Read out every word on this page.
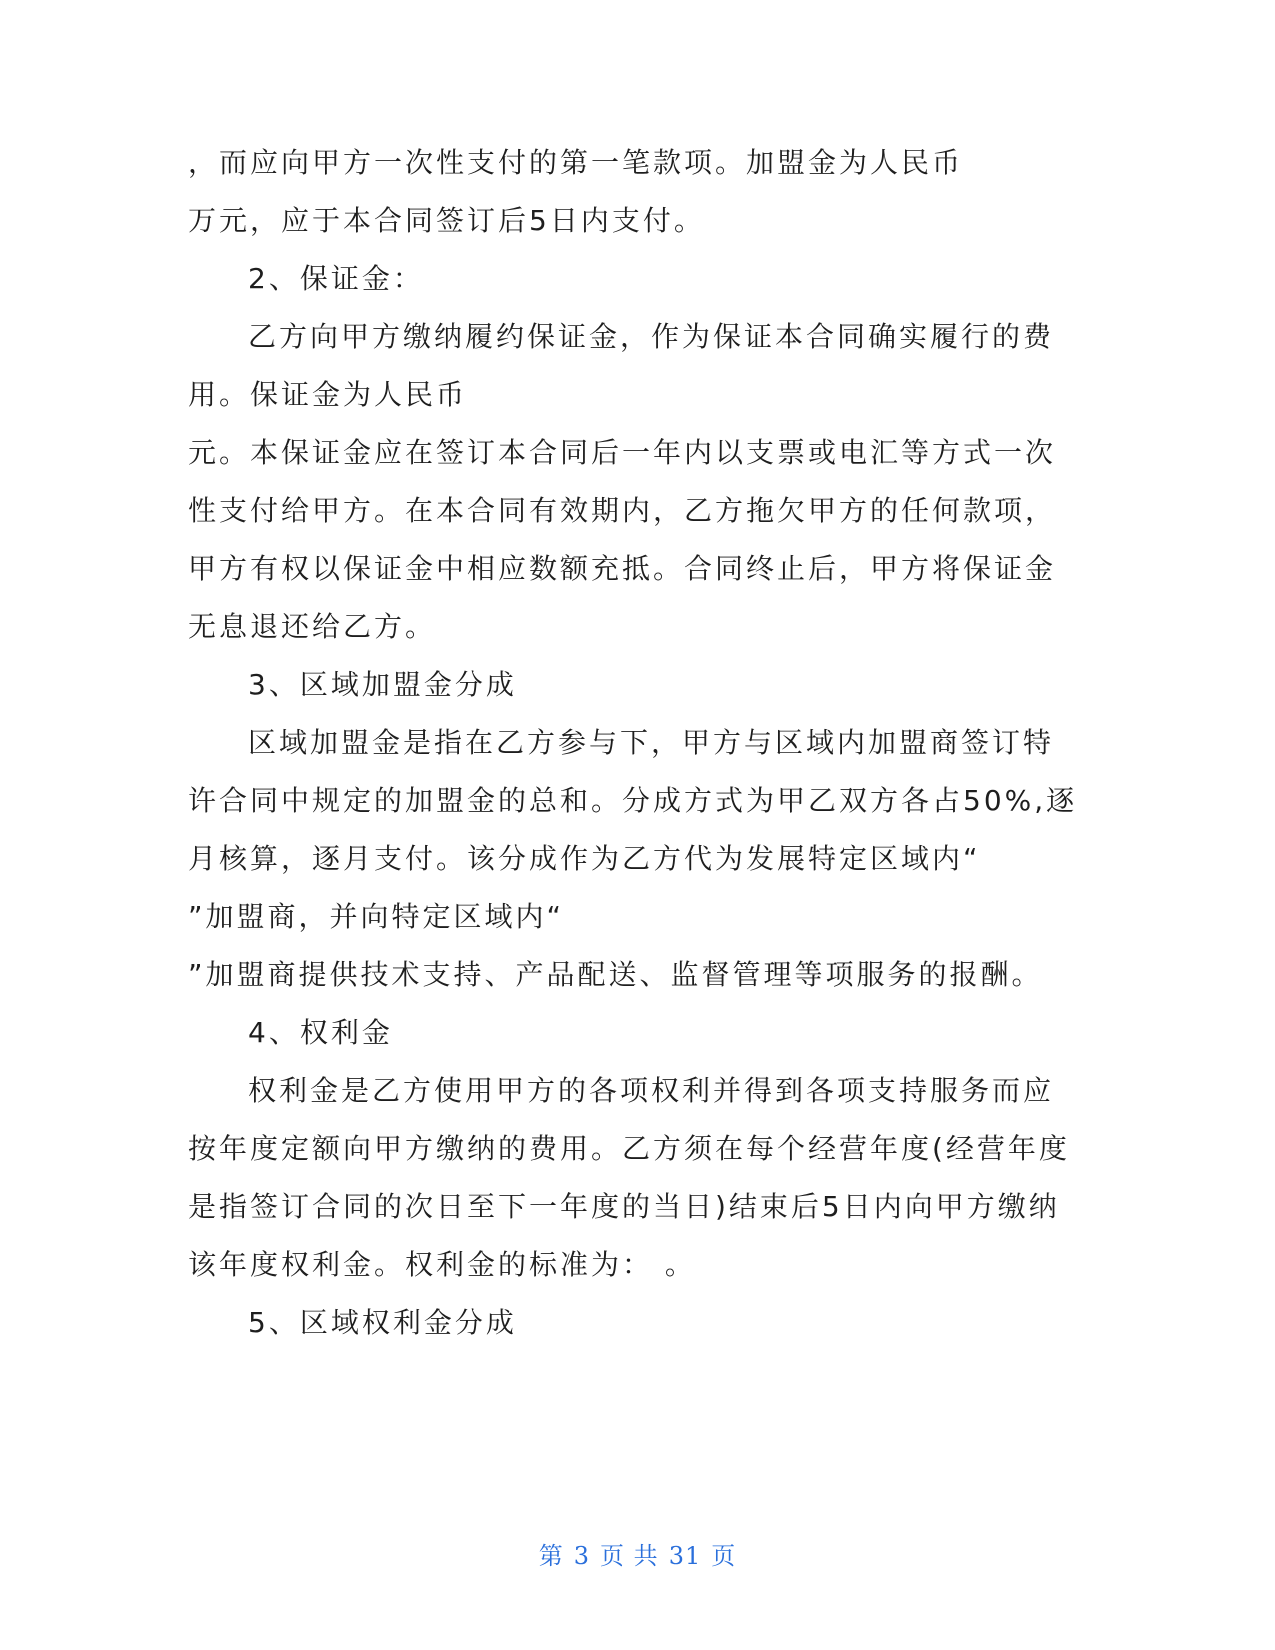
，而应向甲方一次性支付的第一笔款项。加盟金为人民币
万元，应于本合同签订后5日内支付。
2、保证金：
乙方向甲方缴纳履约保证金，作为保证本合同确实履行的费
用。保证金为人民币
元。本保证金应在签订本合同后一年内以支票或电汇等方式一次
性支付给甲方。在本合同有效期内，乙方拖欠甲方的任何款项，
甲方有权以保证金中相应数额充抵。合同终止后，甲方将保证金
无息退还给乙方。
3、区域加盟金分成
区域加盟金是指在乙方参与下，甲方与区域内加盟商签订特
许合同中规定的加盟金的总和。分成方式为甲乙双方各占50%,逐
月核算，逐月支付。该分成作为乙方代为发展特定区域内“
”加盟商，并向特定区域内“
”加盟商提供技术支持、产品配送、监督管理等项服务的报酬。
4、权利金
权利金是乙方使用甲方的各项权利并得到各项支持服务而应
按年度定额向甲方缴纳的费用。乙方须在每个经营年度(经营年度
是指签订合同的次日至下一年度的当日)结束后5日内向甲方缴纳
该年度权利金。权利金的标准为： 。
5、区域权利金分成
第 3 页 共 31 页
